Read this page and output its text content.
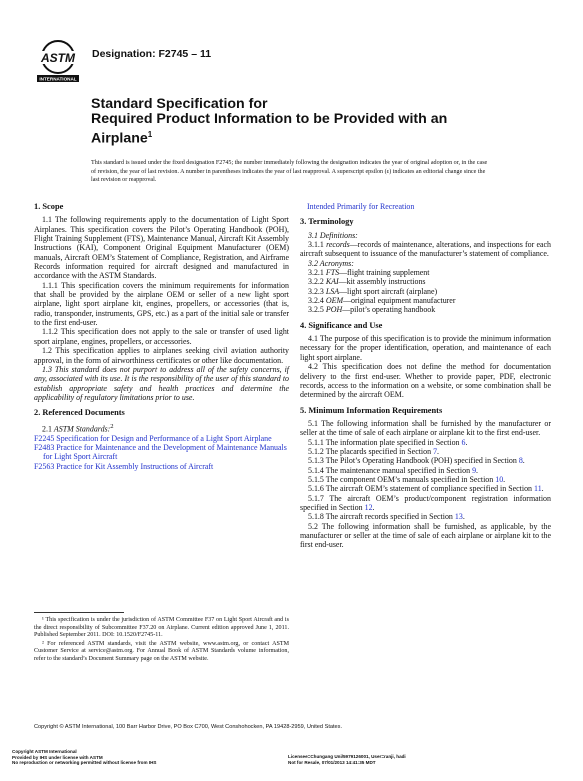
ASTM
INTERNATIONAL
Designation: F2745 – 11
Standard Specification for
Required Product Information to be Provided with an
Airplane$^1$
This standard is issued under the fixed designation F2745; the number immediately following the designation indicates the year of original adoption or, in the case of revision, the year of last revision. A number in parentheses indicates the year of last reapproval. A superscript epsilon (ε) indicates an editorial change since the last revision or reapproval.

1. Scope

1.1 The following requirements apply to the documentation of Light Sport Airplanes. This specification covers the Pilot’s Operating Handbook (POH), Flight Training Supplement (FTS), Maintenance Manual, Aircraft Kit Assembly Instructions (KAI), Component Original Equipment Manufacturer (OEM) manuals, Aircraft OEM’s Statement of Compliance, Registration, and Airframe Records information required for aircraft designed and manufactured in accordance with the ASTM Standards.

1.1.1 This specification covers the minimum requirements for information that shall be provided by the airplane OEM or seller of a new light sport airplane, light sport airplane kit, engines, propellers, or accessories (that is, radio, transponder, instruments, GPS, etc.) as a part of the initial sale or transfer to the first end-user.

1.1.2 This specification does not apply to the sale or transfer of used light sport airplane, engines, propellers, or accessories.

1.2 This specification applies to airplanes seeking civil aviation authority approval, in the form of airworthiness certificates or other like documentation.

1.3 This standard does not purport to address all of the safety concerns, if any, associated with its use. It is the responsibility of the user of this standard to establish appropriate safety and health practices and determine the applicability of regulatory limitations prior to use.

2. Referenced Documents

2.1 ASTM Standards:$^2$

F2245 Specification for Design and Performance of a Light Sport Airplane

F2483 Practice for Maintenance and the Development of Maintenance Manuals for Light Sport Aircraft

F2563 Practice for Kit Assembly Instructions of Aircraft

¹ This specification is under the jurisdiction of ASTM Committee F37 on Light Sport Aircraft and is the direct responsibility of Subcommittee F37.20 on Airplane. Current edition approved June 1, 2011. Published September 2011. DOI: 10.1520/F2745-11.

² For referenced ASTM standards, visit the ASTM website, www.astm.org, or contact ASTM Customer Service at service@astm.org. For Annual Book of ASTM Standards volume information, refer to the standard’s Document Summary page on the ASTM website.

Intended Primarily for Recreation

3. Terminology

3.1 Definitions:

3.1.1 records—records of maintenance, alterations, and inspections for each aircraft subsequent to issuance of the manufacturer’s statement of compliance.

3.2 Acronyms:

3.2.1 FTS—flight training supplement

3.2.2 KAI—kit assembly instructions

3.2.3 LSA—light sport aircraft (airplane)

3.2.4 OEM—original equipment manufacturer

3.2.5 POH—pilot’s operating handbook

4. Significance and Use

4.1 The purpose of this specification is to provide the minimum information necessary for the proper identification, operation, and maintenance of each light sport airplane.

4.2 This specification does not define the method for documentation delivery to the first end-user. Whether to provide paper, PDF, electronic records, access to the information on a website, or some combination shall be determined by the aircraft OEM.

5. Minimum Information Requirements

5.1 The following information shall be furnished by the manufacturer or seller at the time of sale of each airplane or airplane kit to the first end-user.

5.1.1 The information plate specified in Section 6.

5.1.2 The placards specified in Section 7.

5.1.3 The Pilot’s Operating Handbook (POH) specified in Section 8.

5.1.4 The maintenance manual specified in Section 9.

5.1.5 The component OEM’s manuals specified in Section 10.

5.1.6 The aircraft OEM’s statement of compliance specified in Section 11.

5.1.7 The aircraft OEM’s product/component registration information specified in Section 12.

5.1.8 The aircraft records specified in Section 13.

5.2 The following information shall be furnished, as applicable, by the manufacturer or seller at the time of sale of each airplane or airplane kit to the first end-user.

Copyright © ASTM International, 100 Barr Harbor Drive, PO Box C700, West Conshohocken, PA 19428-2959, United States.
Copyright ASTM International
Provided by IHS under license with ASTM
No reproduction or networking permitted without license from IHS
Licensee=Chungang Uni/5979126001, User=ranji, hadi
Not for Resale, 07/01/2013 14:41:35 MDT
